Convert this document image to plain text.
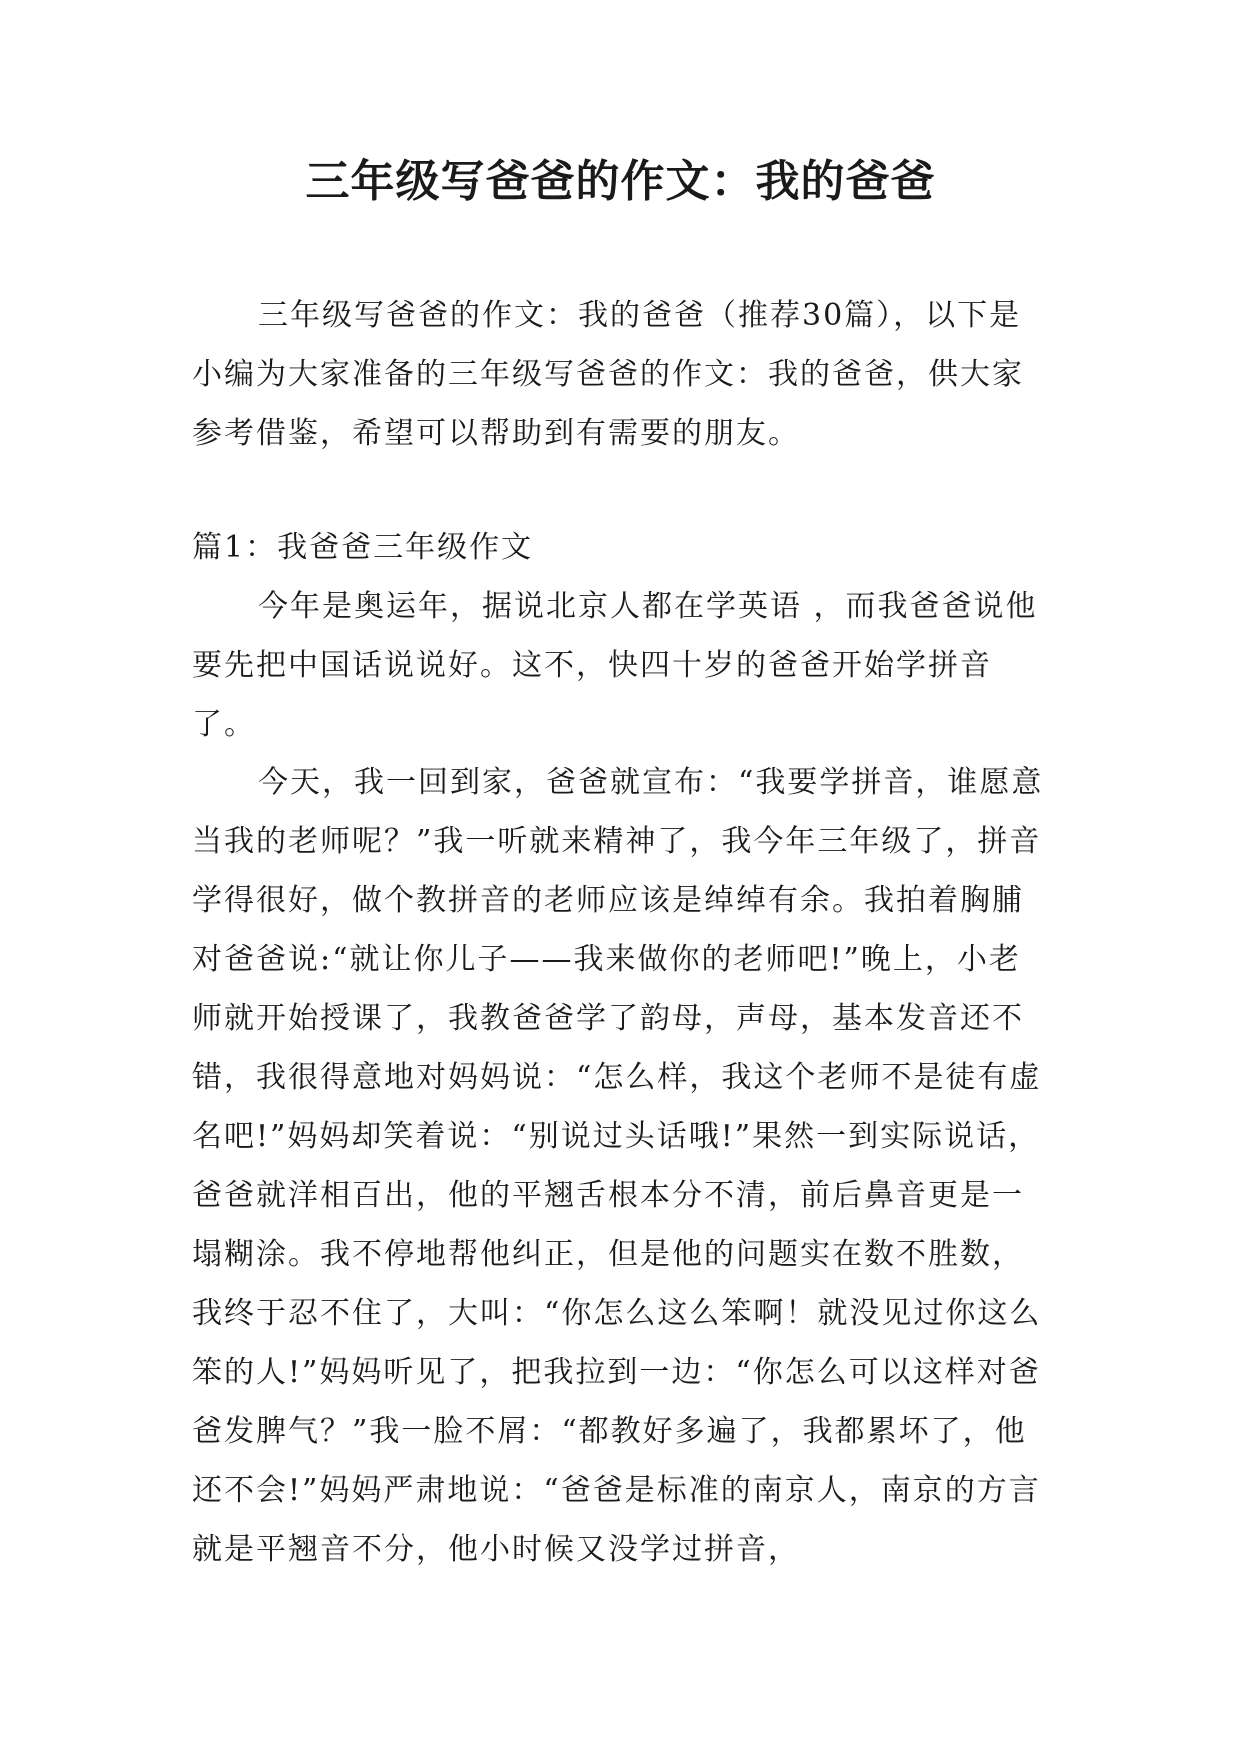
三年级写爸爸的作文：我的爸爸

三年级写爸爸的作文：我的爸爸（推荐30篇），以下是小编为大家准备的三年级写爸爸的作文：我的爸爸，供大家参考借鉴，希望可以帮助到有需要的朋友。

篇1：我爸爸三年级作文

今年是奥运年，据说北京人都在学英语 ，而我爸爸说他要先把中国话说说好。这不，快四十岁的爸爸开始学拼音了。

今天，我一回到家，爸爸就宣布：“我要学拼音，谁愿意当我的老师呢？”我一听就来精神了，我今年三年级了，拼音学得很好，做个教拼音的老师应该是绰绰有余。我拍着胸脯对爸爸说:“就让你儿子——我来做你的老师吧!”晚上，小老师就开始授课了，我教爸爸学了韵母，声母，基本发音还不错，我很得意地对妈妈说：“怎么样，我这个老师不是徒有虚名吧!”妈妈却笑着说：“别说过头话哦!”果然一到实际说话，爸爸就洋相百出，他的平翘舌根本分不清，前后鼻音更是一塌糊涂。我不停地帮他纠正，但是他的问题实在数不胜数，我终于忍不住了，大叫：“你怎么这么笨啊！就没见过你这么笨的人!”妈妈听见了，把我拉到一边：“你怎么可以这样对爸爸发脾气？”我一脸不屑：“都教好多遍了，我都累坏了，他还不会!”妈妈严肃地说：“爸爸是标准的南京人，南京的方言就是平翘音不分，他小时候又没学过拼音，
